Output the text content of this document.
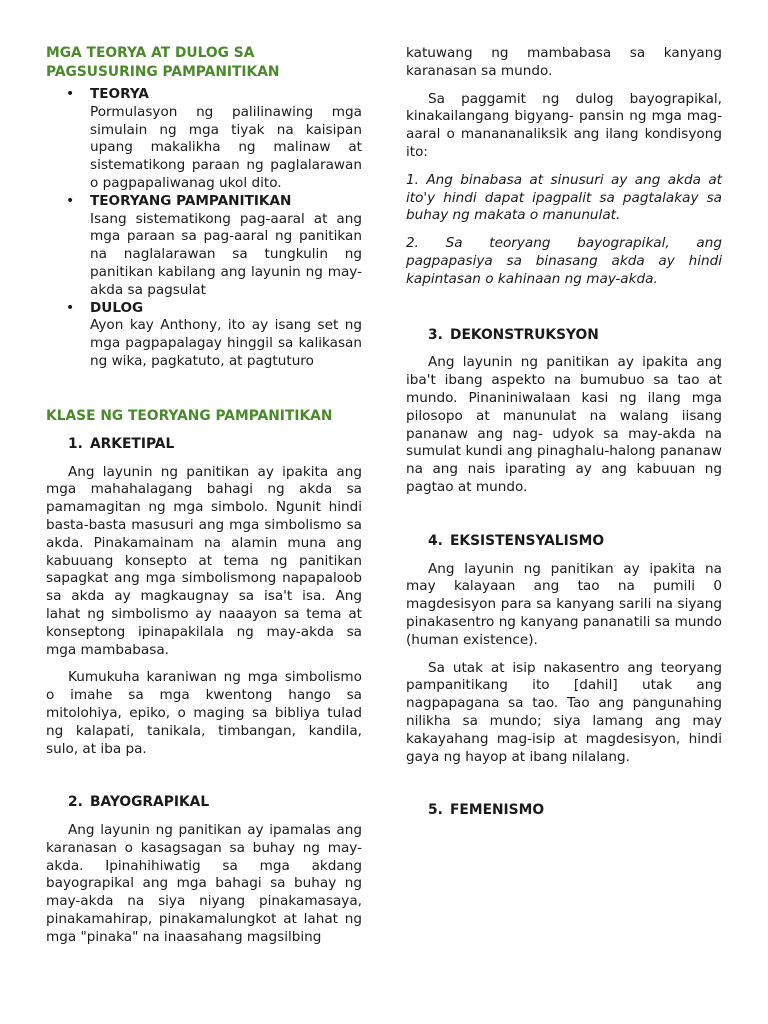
MGA TEORYA AT DULOG SA PAGSUSURING PAMPANITIKAN
• TEORYA

Pormulasyon ng palilinawing mga simulain ng mga tiyak na kaisipan upang makalikha ng malinaw at sistematikong paraan ng paglalarawan o pagpapaliwanag ukol dito.

• TEORYANG PAMPANITIKAN

Isang sistematikong pag-aaral at ang mga paraan sa pag-aaral ng panitikan na naglalarawan sa tungkulin ng panitikan kabilang ang layunin ng may-akda sa pagsulat

• DULOG

Ayon kay Anthony, ito ay isang set ng mga pagpapalagay hinggil sa kalikasan ng wika, pagkatuto, at pagtuturo

KLASE NG TEORYANG PAMPANITIKAN
1. ARKETIPAL

Ang layunin ng panitikan ay ipakita ang mga mahahalagang bahagi ng akda sa pamamagitan ng mga simbolo. Ngunit hindi basta-basta masusuri ang mga simbolismo sa akda. Pinakamainam na alamin muna ang kabuuang konsepto at tema ng panitikan sapagkat ang mga simbolismong napapaloob sa akda ay magkaugnay sa isa't isa. Ang lahat ng simbolismo ay naaayon sa tema at konseptong ipinapakilala ng may-akda sa mga mambabasa.

Kumukuha karaniwan ng mga simbolismo o imahe sa mga kwentong hango sa mitolohiya, epiko, o maging sa bibliya tulad ng kalapati, tanikala, timbangan, kandila, sulo, at iba pa.

2. BAYOGRAPIKAL

Ang layunin ng panitikan ay ipamalas ang karanasan o kasagsagan sa buhay ng may-akda. Ipinahihiwatig sa mga akdang bayograpikal ang mga bahagi sa buhay ng may-akda na siya niyang pinakamasaya, pinakamahirap, pinakamalungkot at lahat ng mga "pinaka" na inaasahang magsilbing

katuwang ng mambabasa sa kanyang karanasan sa mundo.

Sa paggamit ng dulog bayograpikal, kinakailangang bigyang- pansin ng mga mag-aaral o manananaliksik ang ilang kondisyong ito:

1. Ang binabasa at sinusuri ay ang akda at ito'y hindi dapat ipagpalit sa pagtalakay sa buhay ng makata o manunulat.

2. Sa teoryang bayograpikal, ang pagpapasiya sa binasang akda ay hindi kapintasan o kahinaan ng may-akda.

3. DEKONSTRUKSYON

Ang layunin ng panitikan ay ipakita ang iba't ibang aspekto na bumubuo sa tao at mundo. Pinaniniwalaan kasi ng ilang mga pilosopo at manunulat na walang iisang pananaw ang nag- udyok sa may-akda na sumulat kundi ang pinaghalu-halong pananaw na ang nais iparating ay ang kabuuan ng pagtao at mundo.

4. EKSISTENSYALISMO

Ang layunin ng panitikan ay ipakita na may kalayaan ang tao na pumili 0 magdesisyon para sa kanyang sarili na siyang pinakasentro ng kanyang pananatili sa mundo (human existence).

Sa utak at isip nakasentro ang teoryang pampanitikang ito [dahil] utak ang nagpapagana sa tao. Tao ang pangunahing nilikha sa mundo; siya lamang ang may kakayahang mag-isip at magdesisyon, hindi gaya ng hayop at ibang nilalang.

5. FEMENISMO
